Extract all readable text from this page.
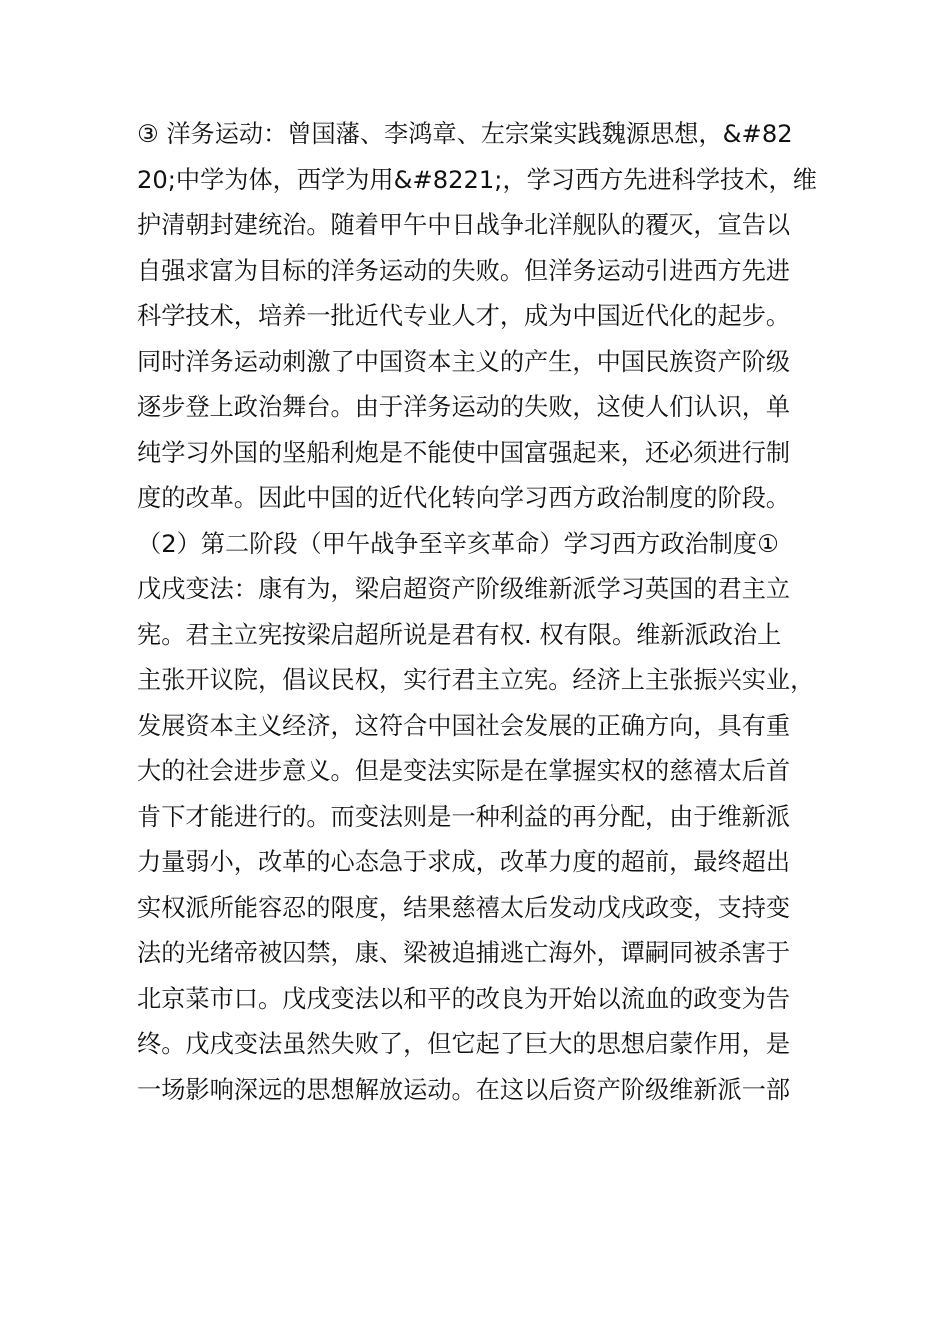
③ 洋务运动：曾国藩、李鸿章、左宗棠实践魏源思想，&#82
20;中学为体，西学为用&#8221;，学习西方先进科学技术，维
护清朝封建统治。随着甲午中日战争北洋舰队的覆灭，宣告以
自强求富为目标的洋务运动的失败。但洋务运动引进西方先进
科学技术，培养一批近代专业人才，成为中国近代化的起步。
同时洋务运动刺激了中国资本主义的产生，中国民族资产阶级
逐步登上政治舞台。由于洋务运动的失败，这使人们认识，单
纯学习外国的坚船利炮是不能使中国富强起来，还必须进行制
度的改革。因此中国的近代化转向学习西方政治制度的阶段。
（2）第二阶段（甲午战争至辛亥革命）学习西方政治制度①
戊戌变法：康有为，梁启超资产阶级维新派学习英国的君主立
宪。君主立宪按梁启超所说是君有权. 权有限。维新派政治上
主张开议院，倡议民权，实行君主立宪。经济上主张振兴实业，
发展资本主义经济，这符合中国社会发展的正确方向，具有重
大的社会进步意义。但是变法实际是在掌握实权的慈禧太后首
肯下才能进行的。而变法则是一种利益的再分配，由于维新派
力量弱小，改革的心态急于求成，改革力度的超前，最终超出
实权派所能容忍的限度，结果慈禧太后发动戊戌政变，支持变
法的光绪帝被囚禁，康、梁被追捕逃亡海外，谭嗣同被杀害于
北京菜市口。戊戌变法以和平的改良为开始以流血的政变为告
终。戊戌变法虽然失败了，但它起了巨大的思想启蒙作用，是
一场影响深远的思想解放运动。在这以后资产阶级维新派一部
